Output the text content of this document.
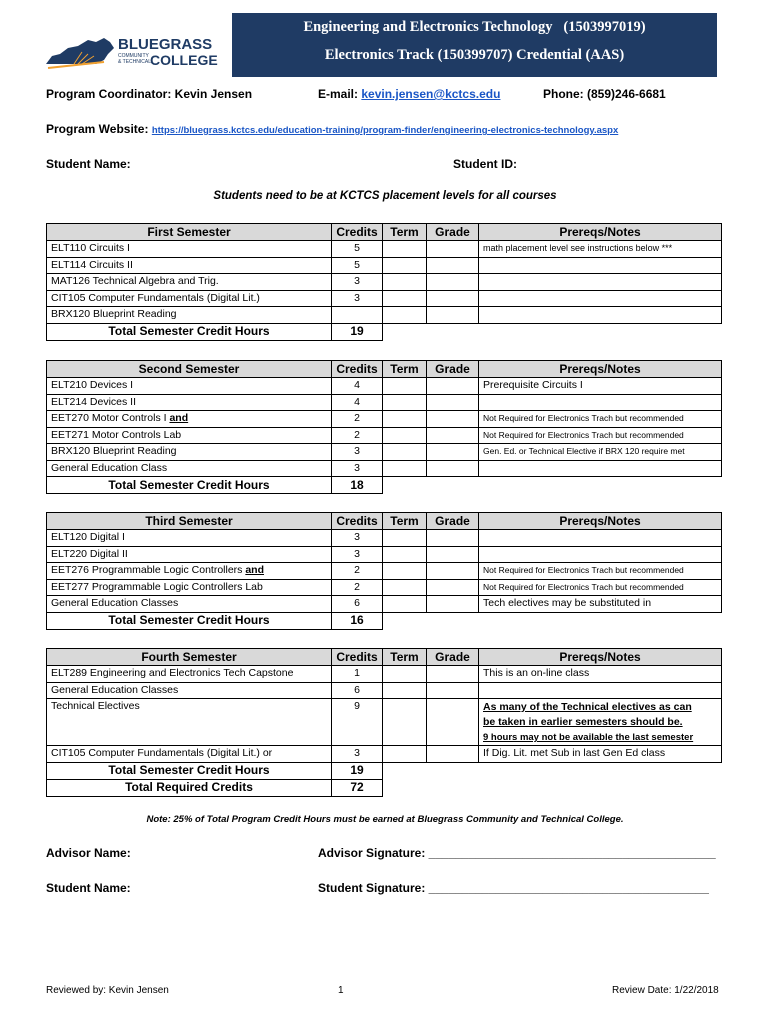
BLUEGRASS
COMMUNITY
& TECHNICAL COLLEGE
Engineering and Electronics Technology   (1503997019)
Electronics Track (150399707) Credential (AAS)
Program Coordinator: Kevin Jensen	E-mail: kevin.jensen@kctcs.edu	Phone: (859)246-6681
Program Website: https://bluegrass.kctcs.edu/education-training/program-finder/engineering-electronics-technology.aspx
Student Name:	Student ID:
Students need to be at KCTCS placement levels for all courses
First Semester	Credits	Term	Grade	Prereqs/Notes
ELT110 Circuits I	5			math placement level see instructions below ***
ELT114 Circuits II	5			
MAT126 Technical Algebra and Trig.	3			
CIT105 Computer Fundamentals (Digital Lit.)	3			
BRX120 Blueprint Reading				
Total Semester Credit Hours	19			
Second Semester	Credits	Term	Grade	Prereqs/Notes
ELT210 Devices I	4			Prerequisite Circuits I
ELT214 Devices II	4			
EET270 Motor Controls I and	2			Not Required for Electronics Trach but recommended
EET271 Motor Controls Lab	2			Not Required for Electronics Trach but recommended
BRX120 Blueprint Reading	3			Gen. Ed. or Technical Elective if BRX 120 require met
General Education Class	3			
Total Semester Credit Hours	18			
Third Semester	Credits	Term	Grade	Prereqs/Notes
ELT120 Digital I	3			
ELT220 Digital II	3			
EET276 Programmable Logic Controllers and	2			Not Required for Electronics Trach but recommended
EET277 Programmable Logic Controllers Lab	2			Not Required for Electronics Trach but recommended
General Education Classes	6			Tech electives may be substituted in
Total Semester Credit Hours	16			
Fourth Semester	Credits	Term	Grade	Prereqs/Notes
ELT289 Engineering and Electronics Tech Capstone	1			This is an on-line class
General Education Classes	6			
Technical Electives	9			As many of the Technical electives as can
be taken in earlier semesters should be.
9 hours may not be available the last semester

CIT105 Computer Fundamentals (Digital Lit.) or	3			If Dig. Lit. met Sub in last Gen Ed class
Total Semester Credit Hours	19			
Total Required Credits	72			
Note: 25% of Total Program Credit Hours must be earned at Bluegrass Community and Technical College.
Advisor Name:	Advisor Signature: ___________________________________________
Student Name:	Student Signature: __________________________________________
Reviewed by: Kevin Jensen	1	Review Date: 1/22/2018
